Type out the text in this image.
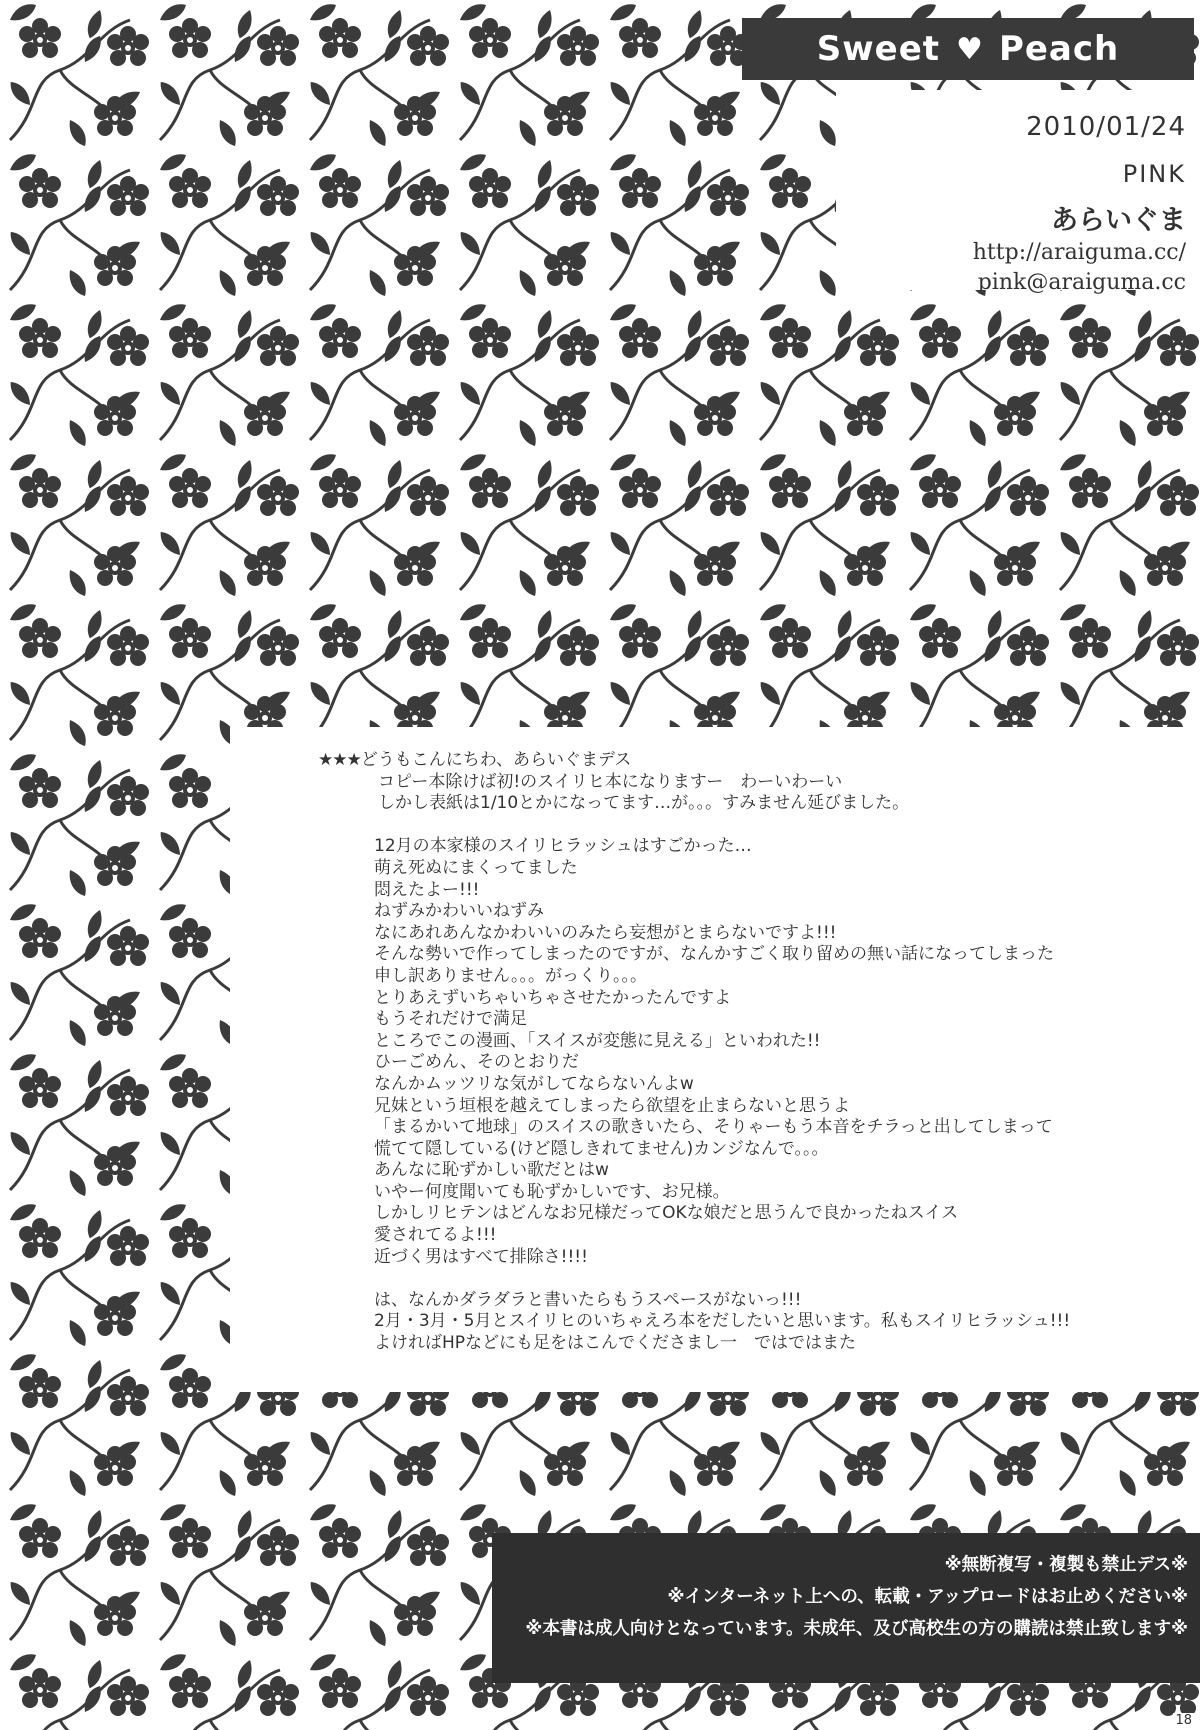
Sweet ♥ Peach
2010/01/24
PINK
あらいぐま
http://araiguma.cc/
pink@araiguma.cc
★★★どうもこんにちわ、あらいぐまデス
コピー本除けば初!のスイリヒ本になりますー　わーいわーい
しかし表紙は1/10とかになってます…が。。。すみません延びました。
12月の本家様のスイリヒラッシュはすごかった…
萌え死ぬにまくってました
悶えたよー!!!
ねずみかわいいねずみ
なにあれあんなかわいいのみたら妄想がとまらないですよ!!!
そんな勢いで作ってしまったのですが、なんかすごく取り留めの無い話になってしまった
申し訳ありません。。。がっくり。。。
とりあえずいちゃいちゃさせたかったんですよ
もうそれだけで満足
ところでこの漫画、「スイスが変態に見える」といわれた!!
ひーごめん、そのとおりだ
なんかムッツリな気がしてならないんよw
兄妹という垣根を越えてしまったら欲望を止まらないと思うよ
「まるかいて地球」のスイスの歌きいたら、そりゃーもう本音をチラっと出してしまって
慌てて隠している(けど隠しきれてません)カンジなんで。。。
あんなに恥ずかしい歌だとはw
いやー何度聞いても恥ずかしいです、お兄様。
しかしリヒテンはどんなお兄様だってOKな娘だと思うんで良かったねスイス
愛されてるよ!!!
近づく男はすべて排除さ!!!!
は、なんかダラダラと書いたらもうスペースがないっ!!!
2月・3月・5月とスイリヒのいちゃえろ本をだしたいと思います。私もスイリヒラッシュ!!!
よければHPなどにも足をはこんでくださまし一　ではではまた
※無断複写・複製も禁止デス※
※インターネット上への、転載・アップロードはお止めください※
※本書は成人向けとなっています。未成年、及び高校生の方の購読は禁止致します※
18
